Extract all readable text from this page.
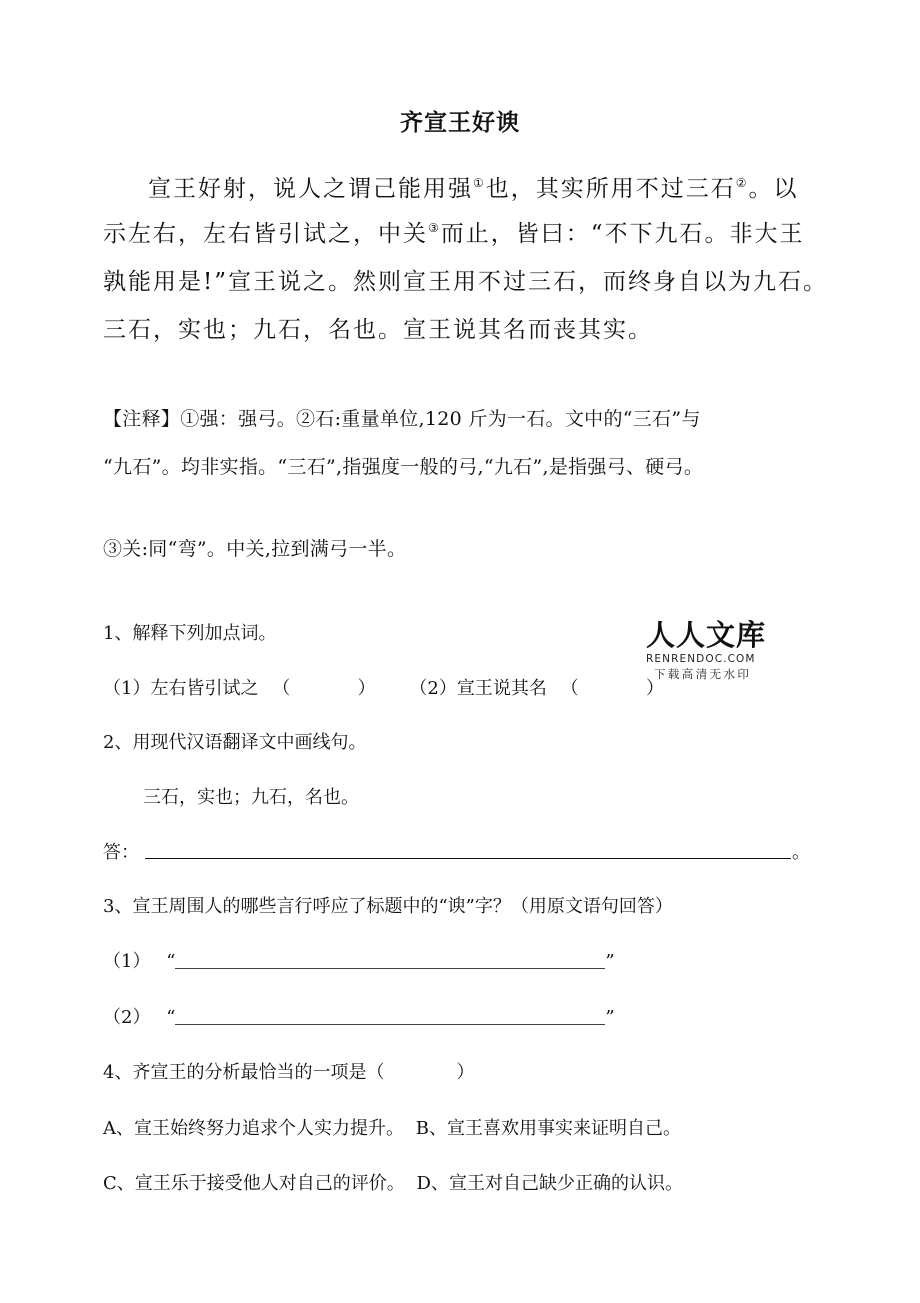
齐宣王好谀
宣王好射，说人之谓己能用强①也，其实所用不过三石②。以
示左右，左右皆引试之，中关③而止，皆曰：“不下九石。非大王
孰能用是!”宣王说之。然则宣王用不过三石，而终身自以为九石。
三石，实也；九石，名也。宣王说其名而丧其实。
【注释】①强：强弓。②石:重量单位,120 斤为一石。文中的“三石”与
“九石”。均非实指。“三石”,指强度一般的弓,“九石”,是指强弓、硬弓。
③关:同“弯”。中关,拉到满弓一半。
1、解释下列加点词。
（1）左右皆引试之 （	） （2）宣王说其名 （	）
人人文库
RENRENDOC.COM
下载高清无水印
2、用现代汉语翻译文中画线句。
三石，实也；九石，名也。
答：	。
3、宣王周围人的哪些言行呼应了标题中的“谀”字？（用原文语句回答）
（1） “	”
（2） “	”
4、齐宣王的分析最恰当的一项是（	）
A、宣王始终努力追求个人实力提升。 B、宣王喜欢用事实来证明自己。
C、宣王乐于接受他人对自己的评价。 D、宣王对自己缺少正确的认识。
